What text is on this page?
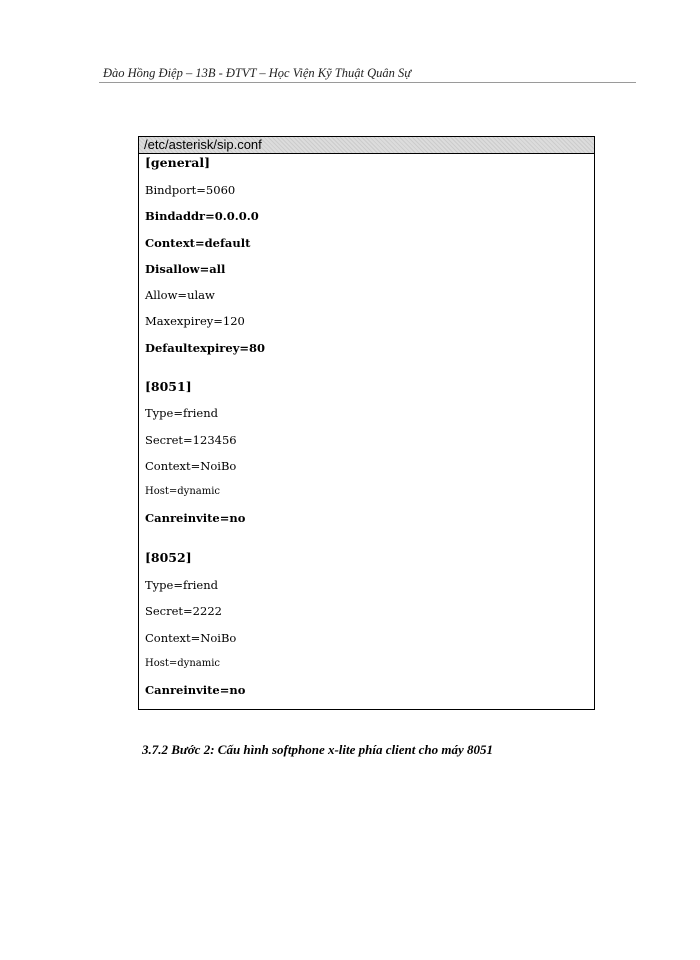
Đào Hồng Điệp – 13B - ĐTVT – Học Viện Kỹ Thuật Quân Sự
/etc/asterisk/sip.conf
[general]
Bindport=5060
Bindaddr=0.0.0.0
Context=default
Disallow=all
Allow=ulaw
Maxexpirey=120
Defaultexpirey=80
[8051]
Type=friend
Secret=123456
Context=NoiBo
Host=dynamic
Canreinvite=no
[8052]
Type=friend
Secret=2222
Context=NoiBo
Host=dynamic
Canreinvite=no
3.7.2 Bước 2: Cấu hình softphone x-lite phía client cho máy 8051
